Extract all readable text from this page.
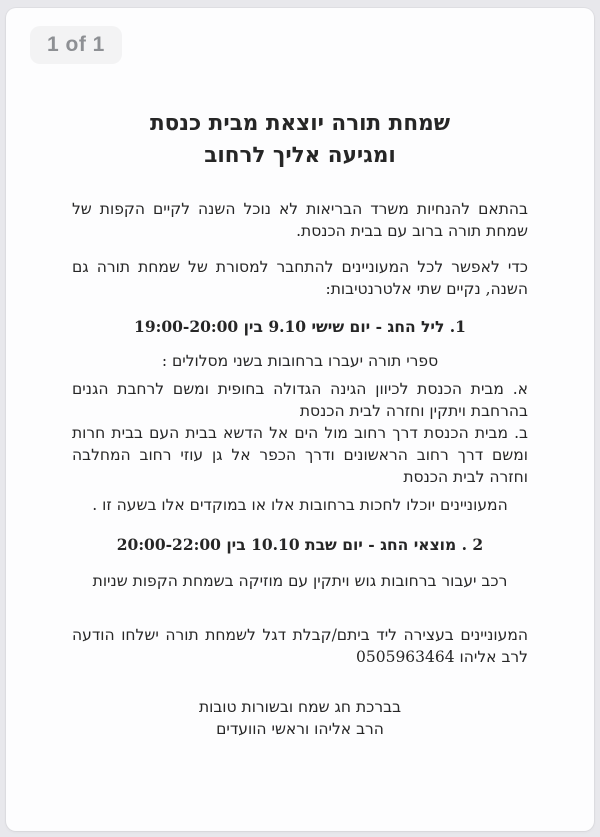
שמחת תורה יוצאת מבית כנסת
ומגיעה אליך לרחוב

בהתאם להנחיות משרד הבריאות לא נוכל השנה לקיים הקפות של שמחת תורה ברוב עם בבית הכנסת.

כדי לאפשר לכל המעוניינים להתחבר למסורת של שמחת תורה גם השנה, נקיים שתי אלטרנטיבות:

1. ליל החג - יום שישי 9.10 בין 19:00-20:00

ספרי תורה יעברו ברחובות בשני מסלולים :

א. מבית הכנסת לכיוון הגינה הגדולה בחופית ומשם לרחבת הגנים בהרחבת ויתקין וחזרה לבית הכנסת

ב. מבית הכנסת דרך רחוב מול הים אל הדשא בבית העם בבית חרות ומשם דרך רחוב הראשונים ודרך הכפר אל גן עוזי רחוב המחלבה וחזרה לבית הכנסת

המעוניינים יוכלו לחכות ברחובות אלו או במוקדים אלו בשעה זו .

2 . מוצאי החג - יום שבת 10.10 בין 20:00-22:00

רכב יעבור ברחובות גוש ויתקין עם מוזיקה בשמחת הקפות שניות

המעוניינים בעצירה ליד ביתם/קבלת דגל לשמחת תורה ישלחו הודעה לרב אליהו 0505963464

בברכת חג שמח ובשורות טובות

הרב אליהו וראשי הוועדים

1 of 1
